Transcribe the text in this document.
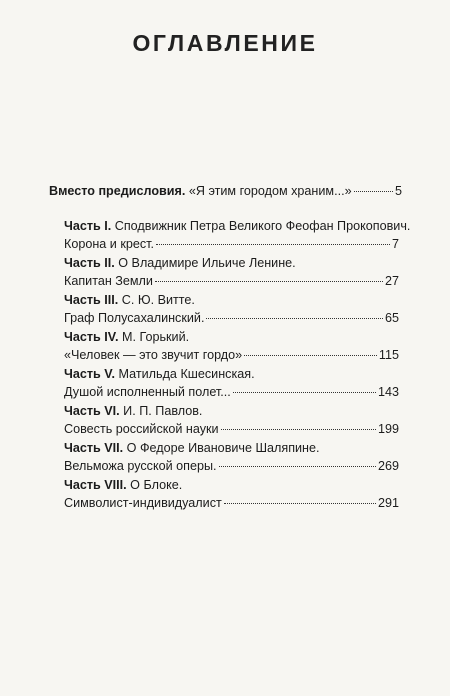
ОГЛАВЛЕНИЕ
Вместо предисловия. «Я этим городом храним...»	5
Часть I.
Сподвижник Петра Великого Феофан Прокопович.
Корона и крест.	7
Часть II.
О Владимире Ильиче Ленине.
Капитан Земли	27
Часть III.
С. Ю. Витте.
Граф Полусахалинский.	65
Часть IV.
М. Горький.
«Человек — это звучит гордо»	115
Часть V.
Матильда Кшесинская.
Душой исполненный полет...	143
Часть VI.
И. П. Павлов.
Совесть российской науки	199
Часть VII.
О Федоре Ивановиче Шаляпине.
Вельможа русской оперы.	269
Часть VIII.
О Блоке.
Символист-индивидуалист	291
